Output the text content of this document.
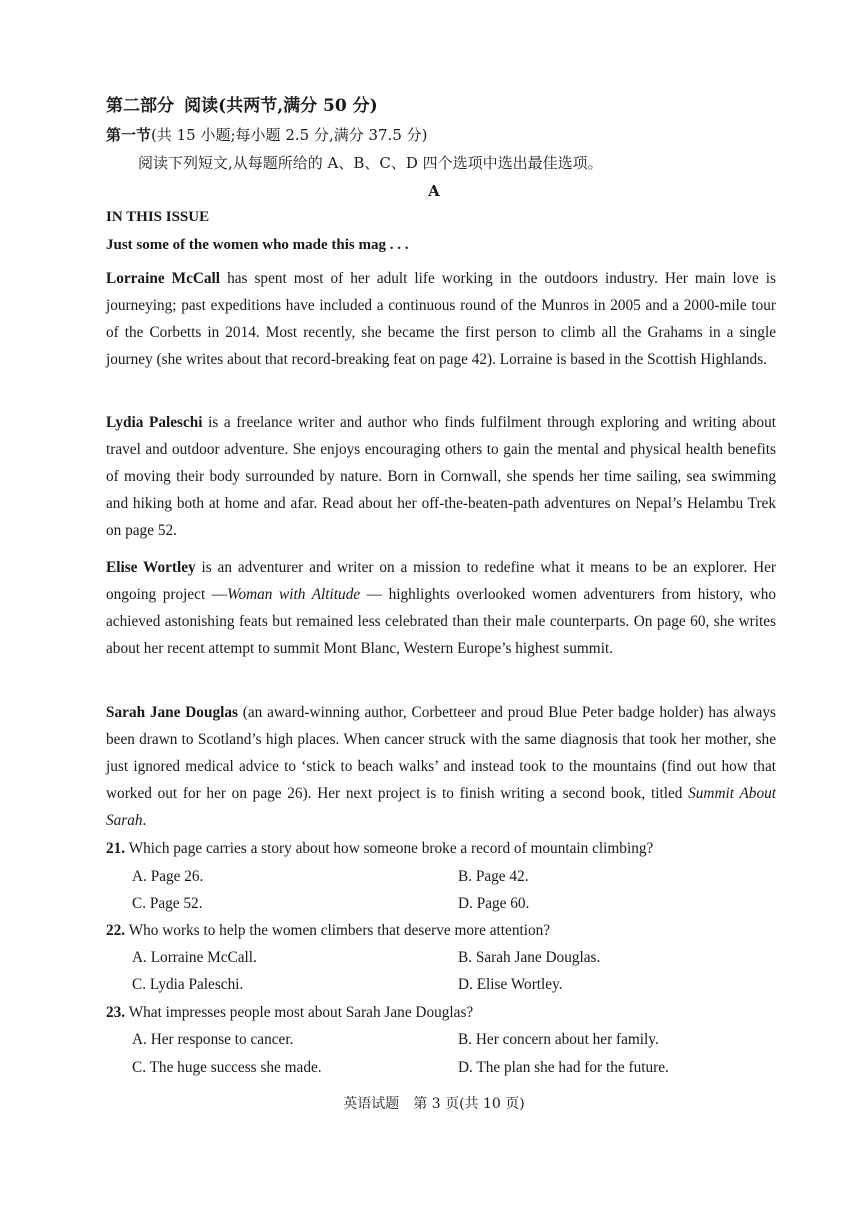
第二部分 阅读(共两节,满分 50 分)
第一节(共 15 小题;每小题 2.5 分,满分 37.5 分)
阅读下列短文,从每题所给的 A、B、C、D 四个选项中选出最佳选项。
A
IN THIS ISSUE
Just some of the women who made this mag . . .
Lorraine McCall has spent most of her adult life working in the outdoors industry. Her main love is journeying; past expeditions have included a continuous round of the Munros in 2005 and a 2000-mile tour of the Corbetts in 2014. Most recently, she became the first person to climb all the Grahams in a single journey (she writes about that record-breaking feat on page 42). Lorraine is based in the Scottish Highlands.
Lydia Paleschi is a freelance writer and author who finds fulfilment through exploring and writing about travel and outdoor adventure. She enjoys encouraging others to gain the mental and physical health benefits of moving their body surrounded by nature. Born in Cornwall, she spends her time sailing, sea swimming and hiking both at home and afar. Read about her off-the-beaten-path adventures on Nepal’s Helambu Trek on page 52.
Elise Wortley is an adventurer and writer on a mission to redefine what it means to be an explorer. Her ongoing project —Woman with Altitude — highlights overlooked women adventurers from history, who achieved astonishing feats but remained less celebrated than their male counterparts. On page 60, she writes about her recent attempt to summit Mont Blanc, Western Europe’s highest summit.
Sarah Jane Douglas (an award-winning author, Corbetteer and proud Blue Peter badge holder) has always been drawn to Scotland’s high places. When cancer struck with the same diagnosis that took her mother, she just ignored medical advice to ‘stick to beach walks’ and instead took to the mountains (find out how that worked out for her on page 26). Her next project is to finish writing a second book, titled Summit About Sarah.
21. Which page carries a story about how someone broke a record of mountain climbing?
A. Page 26.	B. Page 42.
C. Page 52.	D. Page 60.
22. Who works to help the women climbers that deserve more attention?
A. Lorraine McCall.	B. Sarah Jane Douglas.
C. Lydia Paleschi.	D. Elise Wortley.
23. What impresses people most about Sarah Jane Douglas?
A. Her response to cancer.	B. Her concern about her family.
C. The huge success she made.	D. The plan she had for the future.
英语试题　第 3 页(共 10 页)
